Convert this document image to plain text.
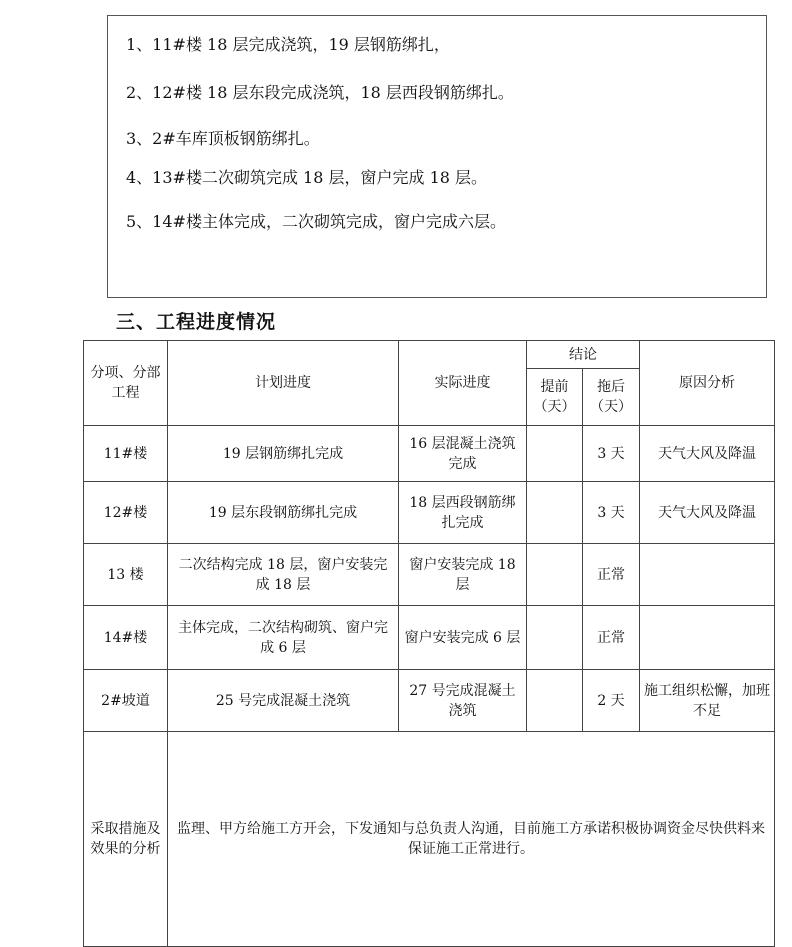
1、11#楼 18 层完成浇筑，19 层钢筋绑扎，
2、12#楼 18 层东段完成浇筑，18 层西段钢筋绑扎。
3、2#车库顶板钢筋绑扎。
4、13#楼二次砌筑完成 18 层，窗户完成 18 层。
5、14#楼主体完成，二次砌筑完成，窗户完成六层。
三、工程进度情况
分项、分部工程	计划进度	实际进度	结论		原因分析
			提前（天）	拖后（天）	
11#楼	19 层钢筋绑扎完成	16 层混凝土浇筑完成		3 天	天气大风及降温
12#楼	19 层东段钢筋绑扎完成	18 层西段钢筋绑扎完成		3 天	天气大风及降温
13 楼	二次结构完成 18 层，窗户安装完成 18 层	窗户安装完成 18 层		正常	
14#楼	主体完成，二次结构砌筑、窗户完成 6 层	窗户安装完成 6 层		正常	
2#坡道	25 号完成混凝土浇筑	27 号完成混凝土浇筑		2 天	施工组织松懈，加班不足
采取措施及效果的分析	监理、甲方给施工方开会，下发通知与总负责人沟通，目前施工方承诺积极协调资金尽快供料来保证施工正常进行。				
